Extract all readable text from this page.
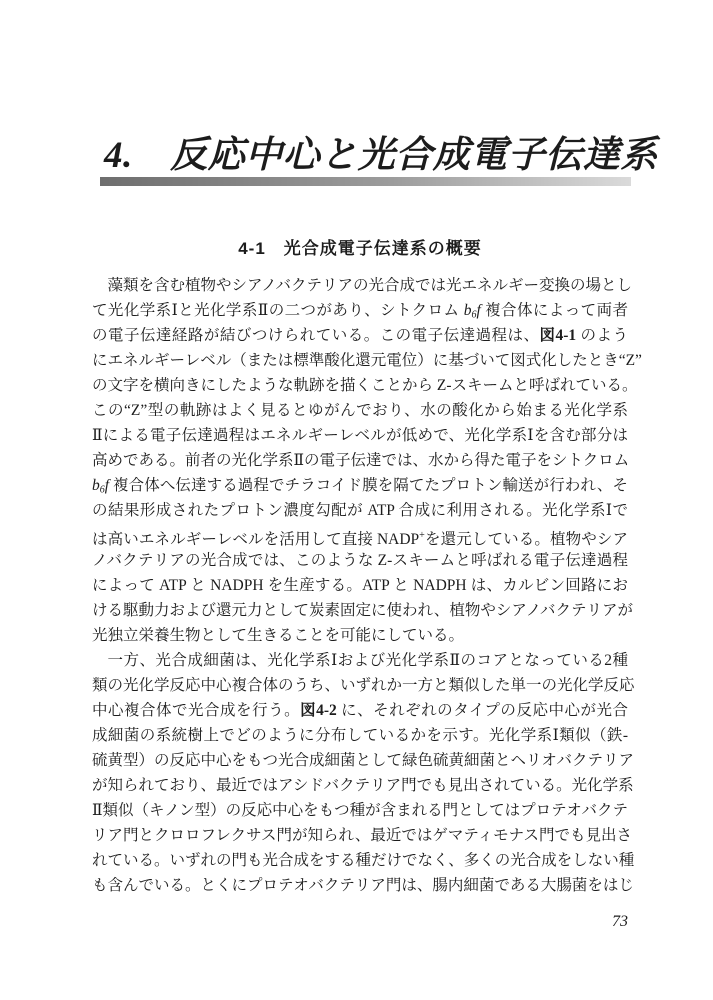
4.　反応中心と光合成電子伝達系
4-1　光合成電子伝達系の概要
藻類を含む植物やシアノバクテリアの光合成では光エネルギー変換の場とし
て光化学系Ⅰと光化学系Ⅱの二つがあり、シトクロム b6f 複合体によって両者
の電子伝達経路が結びつけられている。この電子伝達過程は、図4-1 のよう
にエネルギーレベル（または標準酸化還元電位）に基づいて図式化したとき“Z”
の文字を横向きにしたような軌跡を描くことから Z-スキームと呼ばれている。
この“Z”型の軌跡はよく見るとゆがんでおり、水の酸化から始まる光化学系
Ⅱによる電子伝達過程はエネルギーレベルが低めで、光化学系Ⅰを含む部分は
高めである。前者の光化学系Ⅱの電子伝達では、水から得た電子をシトクロム
b6f 複合体へ伝達する過程でチラコイド膜を隔てたプロトン輸送が行われ、そ
の結果形成されたプロトン濃度勾配が ATP 合成に利用される。光化学系Ⅰで
は高いエネルギーレベルを活用して直接 NADP+を還元している。植物やシア
ノバクテリアの光合成では、このような Z-スキームと呼ばれる電子伝達過程
によって ATP と NADPH を生産する。ATP と NADPH は、カルビン回路にお
ける駆動力および還元力として炭素固定に使われ、植物やシアノバクテリアが
光独立栄養生物として生きることを可能にしている。
一方、光合成細菌は、光化学系Ⅰおよび光化学系Ⅱのコアとなっている2種
類の光化学反応中心複合体のうち、いずれか一方と類似した単一の光化学反応
中心複合体で光合成を行う。図4-2 に、それぞれのタイプの反応中心が光合
成細菌の系統樹上でどのように分布しているかを示す。光化学系Ⅰ類似（鉄-
硫黄型）の反応中心をもつ光合成細菌として緑色硫黄細菌とヘリオバクテリア
が知られており、最近ではアシドバクテリア門でも見出されている。光化学系
Ⅱ類似（キノン型）の反応中心をもつ種が含まれる門としてはプロテオバクテ
リア門とクロロフレクサス門が知られ、最近ではゲマティモナス門でも見出さ
れている。いずれの門も光合成をする種だけでなく、多くの光合成をしない種
も含んでいる。とくにプロテオバクテリア門は、腸内細菌である大腸菌をはじ
73
